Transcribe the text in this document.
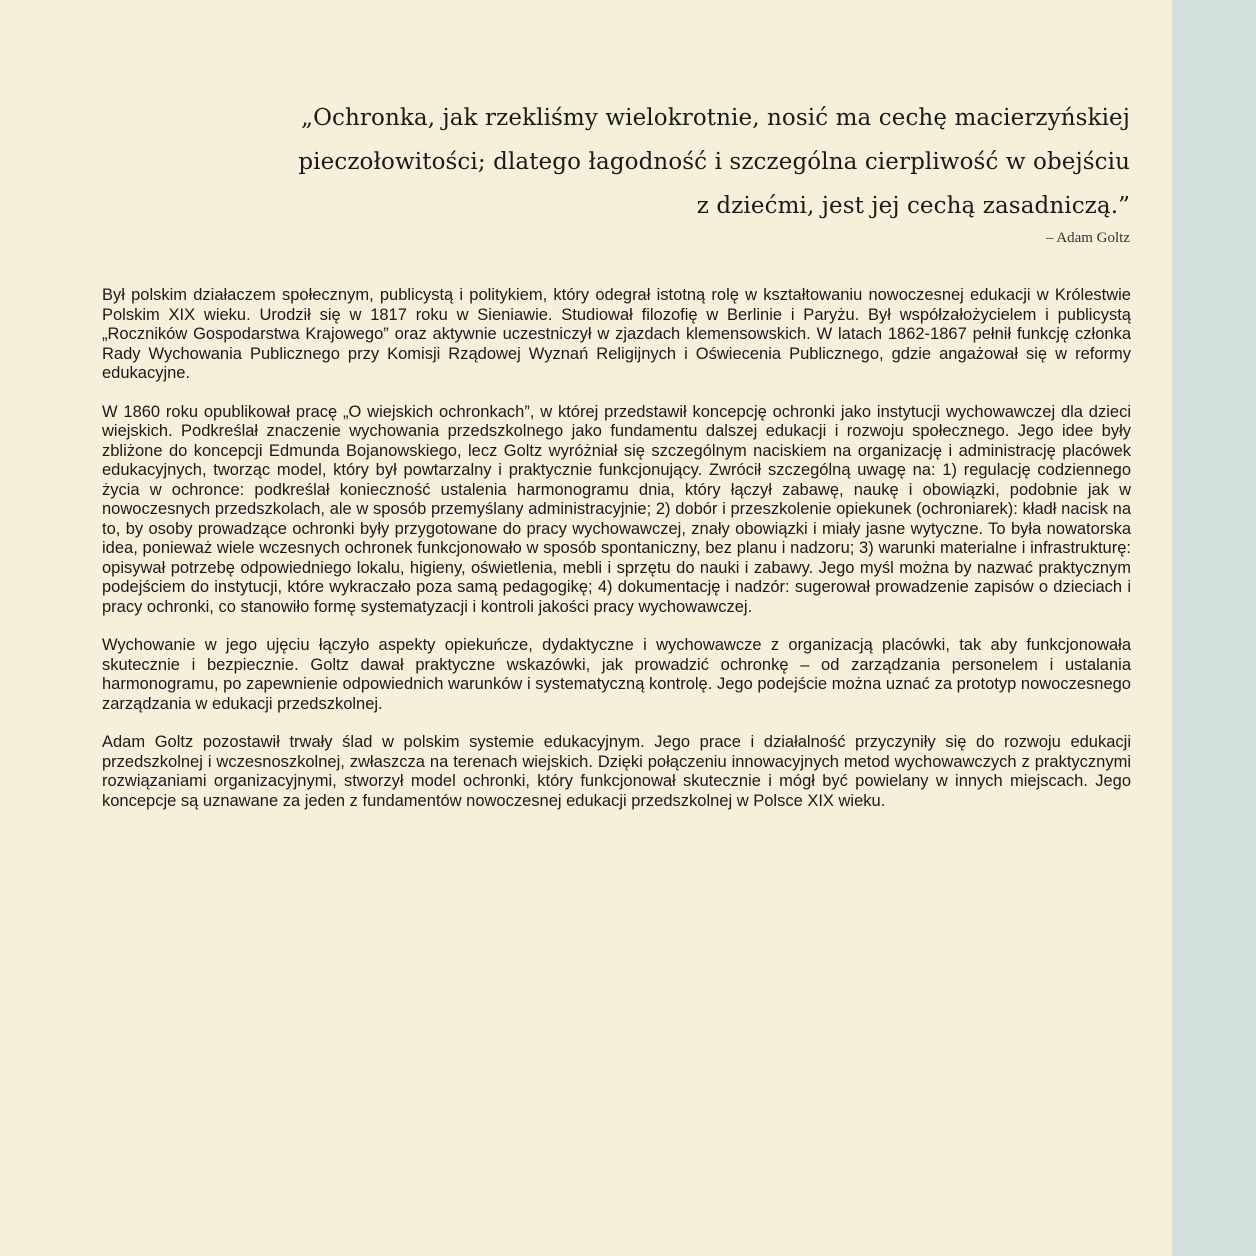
„Ochronka, jak rzekliśmy wielokrotnie, nosić ma cechę macierzyńskiej
pieczołowitości; dlatego łagodność i szczególna cierpliwość w obejściu
z dziećmi, jest jej cechą zasadniczą.”
– Adam Goltz

Był polskim działaczem społecznym, publicystą i politykiem, który odegrał istotną rolę w kształtowaniu nowoczesnej edukacji w Królestwie Polskim XIX wieku. Urodził się w 1817 roku w Sieniawie. Studiował filozofię w Berlinie i Paryżu. Był współzałożycielem i publicystą „Roczników Gospodarstwa Krajowego” oraz aktywnie uczestniczył w zjazdach klemensowskich. W latach 1862-1867 pełnił funkcję członka Rady Wychowania Publicznego przy Komisji Rządowej Wyznań Religijnych i Oświecenia Publicznego, gdzie angażował się w reformy edukacyjne.

W 1860 roku opublikował pracę „O wiejskich ochronkach”, w której przedstawił koncepcję ochronki jako instytucji wychowawczej dla dzieci wiejskich. Podkreślał znaczenie wychowania przedszkolnego jako fundamentu dalszej edukacji i rozwoju społecznego. Jego idee były zbliżone do koncepcji Edmunda Bojanowskiego, lecz Goltz wyróżniał się szczególnym naciskiem na organizację i administrację placówek edukacyjnych, tworząc model, który był powtarzalny i praktycznie funkcjonujący. Zwrócił szczególną uwagę na: 1) regulację codziennego życia w ochronce: podkreślał konieczność ustalenia harmonogramu dnia, który łączył zabawę, naukę i obowiązki, podobnie jak w nowoczesnych przedszkolach, ale w sposób przemyślany administracyjnie; 2) dobór i przeszkolenie opiekunek (ochroniarek): kładł nacisk na to, by osoby prowadzące ochronki były przygotowane do pracy wychowawczej, znały obowiązki i miały jasne wytyczne. To była nowatorska idea, ponieważ wiele wczesnych ochronek funkcjonowało w sposób spontaniczny, bez planu i nadzoru; 3) warunki materialne i infrastrukturę: opisywał potrzebę odpowiedniego lokalu, higieny, oświetlenia, mebli i sprzętu do nauki i zabawy. Jego myśl można by nazwać praktycznym podejściem do instytucji, które wykraczało poza samą pedagogikę; 4) dokumentację i nadzór: sugerował prowadzenie zapisów o dzieciach i pracy ochronki, co stanowiło formę systematyzacji i kontroli jakości pracy wychowawczej.

Wychowanie w jego ujęciu łączyło aspekty opiekuńcze, dydaktyczne i wychowawcze z organizacją placówki, tak aby funkcjonowała skutecznie i bezpiecznie. Goltz dawał praktyczne wskazówki, jak prowadzić ochronkę – od zarządzania personelem i ustalania harmonogramu, po zapewnienie odpowiednich warunków i systematyczną kontrolę. Jego podejście można uznać za prototyp nowoczesnego zarządzania w edukacji przedszkolnej.

Adam Goltz pozostawił trwały ślad w polskim systemie edukacyjnym. Jego prace i działalność przyczyniły się do rozwoju edukacji przedszkolnej i wczesnoszkolnej, zwłaszcza na terenach wiejskich. Dzięki połączeniu innowacyjnych metod wychowawczych z praktycznymi rozwiązaniami organizacyjnymi, stworzył model ochronki, który funkcjonował skutecznie i mógł być powielany w innych miejscach. Jego koncepcje są uznawane za jeden z fundamentów nowoczesnej edukacji przedszkolnej w Polsce XIX wieku.
